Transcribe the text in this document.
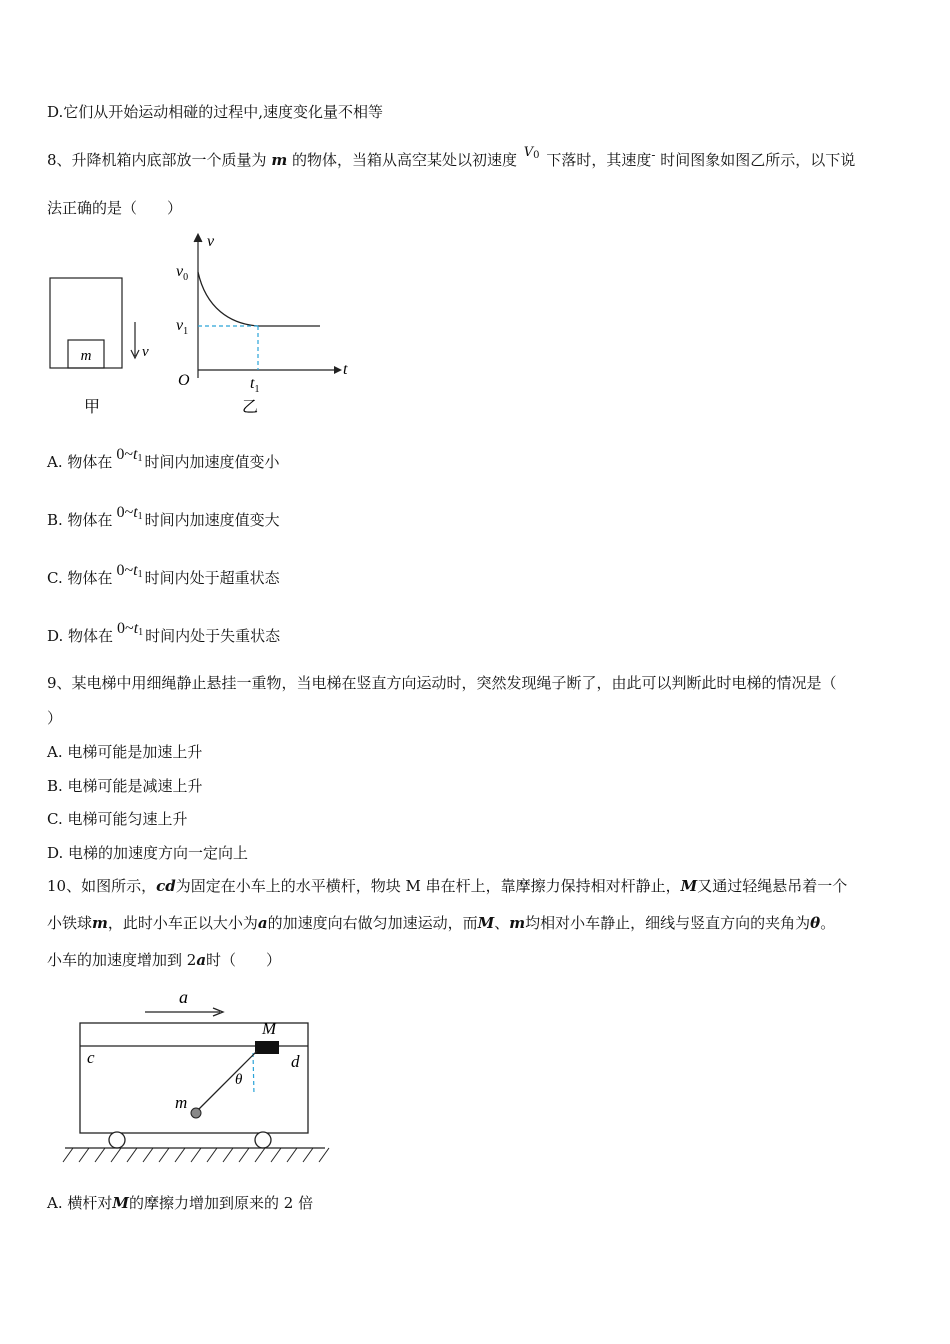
D.它们从开始运动相碰的过程中,速度变化量不相等
8、升降机箱内底部放一个质量为 m 的物体，当箱从高空某处以初速度 $V_0$ 下落时，其速度- 时间图象如图乙所示，以下说
法正确的是（　　）
m	v
甲
v
t
O
$v_0$
$v_1$
$t_1$
乙
A. 物体在 $0\sim t_1$ 时间内加速度值变小
B. 物体在 $0\sim t_1$ 时间内加速度值变大
C. 物体在 $0\sim t_1$ 时间内处于超重状态
D. 物体在 $0\sim t_1$ 时间内处于失重状态
9、某电梯中用细绳静止悬挂一重物，当电梯在竖直方向运动时，突然发现绳子断了，由此可以判断此时电梯的情况是（
）
A. 电梯可能是加速上升
B. 电梯可能是减速上升
C. 电梯可能匀速上升
D. 电梯的加速度方向一定向上
10、如图所示，cd为固定在小车上的水平横杆，物块 M 串在杆上，靠摩擦力保持相对杆静止，M又通过轻绳悬吊着一个
小铁球m，此时小车正以大小为a的加速度向右做匀加速运动，而M、m均相对小车静止，细线与竖直方向的夹角为θ。
小车的加速度增加到 2a时（　　）
a
c	d
M
m
θ
A. 横杆对M的摩擦力增加到原来的 2 倍
